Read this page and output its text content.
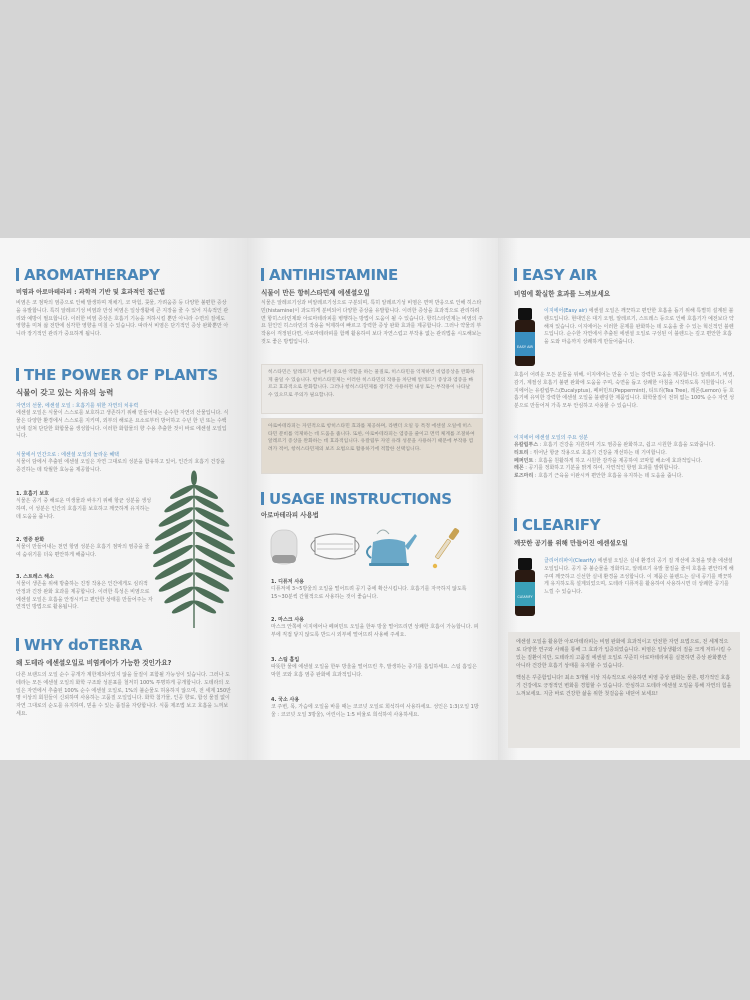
AROMATHERAPY
비염과 아로마테라피 : 과학적 기반 및 효과적인 접근법
비염은 코 점막의 염증으로 인해 발생하며 재채기, 코 막힘, 콧물, 가려움증 등 다양한 불편한 증상을 유발합니다. 특히 알레르기성 비염과 만성 비염은 일상생활에 큰 지장을 줄 수 있어 지속적인 관리와 예방이 필요합니다. 이러한 비염 증상은 호흡기 기능을 저하시킬 뿐만 아니라 수면의 질에도 영향을 미쳐 삶 전반에 심각한 영향을 미칠 수 있습니다. 따라서 비염은 단기적인 증상 완화뿐만 아니라 장기적인 관리가 중요하게 됩니다.
THE POWER OF PLANTS
식물이 갖고 있는 치유의 능력
자연의 선물, 에센셜 오일 : 호흡기를 위한 자연의 치유력
에센셜 오일은 식물이 스스로를 보호하고 생존하기 위해 만들어내는 순수한 자연의 산물입니다. 식물은 다양한 환경에서 스스로를 지키며, 외부의 해로운 요소로부터 방어하고 수년 한 년 또는 수백 년에 걸쳐 단단한 화합물을 생성합니다. 이러한 화합물의 향 수용 추출한 것이 바로 에센셜 오일입니다.
식물에서 인간으로 : 에센셜 오일의 놀라운 혜택
식물이 담에서 추출된 에센셜 오일은 자연 그대로의 성분을 함유하고 있어, 인간의 호흡기 건강을 증진하는 데 탁월한 효능을 제공합니다.
1. 호흡기 보호
식물은 공기 중 해로운 미생물과 싸우기 위해 항균 성분을 생성하며, 이 성분은 인간의 호흡기를 보호하고 깨끗하게 유지하는 데 도움을 줍니다.
2. 염증 완화
식물이 만들어내는 천연 항염 성분은 호흡기 점막의 염증을 줄여 숨쉬기를 더욱 편안하게 해줍니다.
3. 스트레스 해소
식물이 생존을 위해 방출하는 진정 작용은 인간에게도 심리적 안정과 긴장 완화 효과를 제공합니다. 이러한 특성은 비염으로 에센셜 오일은 호흡을 안정시키고 편안한 상태를 만들어주는 자연적인 방법으로 활용됩니다.
WHY doTERRA
왜 도테라 에센셜오일로 비염케어가 가능한 것인가요?
다른 브랜드의 오일 순수 공개가 계한제되어있지 않을 들질이 포함될 가능성이 있습니다. 그러나 도테라는 모든 에센셜 오일의 화학 구조와 성분표를 철저히 100% 투명하게 공개합니다. 도테라의 오일은 자연에서 추출된 100% 순수 에센셜 오일로, 1%의 불순물도 허용하지 않으며, 전 세계 150만 명 이상의 회원들이 신뢰하며 사용하는 고품질 오일입니다. 화학 첨가물, 인공 향료, 합성 물질 없이 자연 그대로의 순도를 유지하며, 믿을 수 있는 품질을 자랑합니다. 식품 제조법 보고 호흡을 느껴보세요.
ANTIHISTAMINE
식물이 만든 항히스타민제 에센셜오일
식물은 알레르기성과 비알레르기성으로 구분되며, 특히 알레르기성 비염은 면역 반응으로 인해 히스타민(histamine)이 과도하게 분비되어 다양한 증상을 유발합니다. 이러한 증상을 효과적으로 관리하려면 항히스타민제와 아로마테라피를 병행하는 방법이 도움이 될 수 있습니다. 항히스타민제는 비염의 주요 원인인 히스타민의 작용을 억제하여 빠르고 강력한 증상 완화 효과를 제공합니다. 그러나 약물의 부작용이 걱정된다면, 아로마테라피를 함께 활용하여 보다 자연스럽고 부작용 없는 관리법을 시도해보는 것도 좋은 방법입니다.
히스타민은 알레르기 반응에서 중요한 역할을 하는 물질로, 히스타민을 억제하면 비염증상을 완화하게 줄일 수 있습니다. 항히스타민제는 이러한 히스타민의 작용을 차단해 알레르기 증상과 염증을 빠르고 효과적으로 완화합니다. 그러나 항히스타민제를 장기간 사용하면 내성 또는 부작용이 나타날 수 있으므로 주의가 필요합니다.
아로마테라피는 자연적으로 항히스타민 효과를 제공하며, 라벤더 오일 등 특정 에센셜 오일에 히스타민 분비를 억제하는 데 도움을 줍니다. 또한, 아로마테라피는 염증을 줄이고 면역 체계를 조절하여 알레르기 증상을 완화하는 데 효과적입니다. 유칼립투 자연 유래 성분을 사용하기 때문에 부작용 염려가 적어, 항히스타민제의 보조 요법으로 활용하기에 적합한 선택입니다.
USAGE INSTRUCTIONS
아로마테라피 사용법
1. 디퓨저 사용
디퓨저에 3~5방울의 오일을 떨어뜨려 공기 중에 확산시킵니다. 호흡기를 자극하지 않도록 15~30분씩 간헐적으로 사용하는 것이 좋습니다.
2. 마스크 사용
마스크 안쪽에 이지에어나 페퍼민트 오일을 한두 방울 떨어뜨리면 상쾌한 호흡이 가능합니다. 피부에 직접 닿지 않도록 반드시 외부에 떨어뜨려 사용해 주세요.
3. 스팀 흡입
따뜻한 물에 에센셜 오일을 한두 방울을 떨어뜨린 후, 발생하는 증기를 흡입하세요. 스팀 흡입은 막힌 코와 호흡 염증 완화에 효과적입니다.
4. 국소 사용
코 주변, 목, 가슴에 오일을 바를 때는 코코넛 오일로 희석하여 사용하세요. 성인은 1:3(오일 1방울 : 코코넛 오일 3방울), 어린이는 1:5 비율로 희석하여 사용하세요.
EASY AIR
비염에 확실한 효과를 느껴보세요
EASY AIR
이지에어(Easy air) 에센셜 오일은 깨끗하고 편안한 호흡을 돕기 위해 특별히 설계된 블렌드입니다. 현대인은 대기 오염, 알레르기, 스트레스 등으로 인해 호흡기가 예전보다 약해져 있습니다. 이지에어는 이러한 문제를 완화하는 데 도움을 줄 수 있는 혁신적인 블렌드입니다. 순수한 자연에서 추출된 에센셜 오일로 구성된 이 블렌드는 깊고 편안한 호흡을 도와 마음까지 상쾌하게 만들어줍니다.
호흡이 어려운 모든 분들을 위해, 이지에어는 만을 수 있는 강력한 도움을 제공합니다. 알레르기, 비염, 감기, 계절성 호흡기 불편 완화에 도움을 주며, 숙면을 돕고 상쾌한 아침을 시작하도록 지원합니다. 이지에어는 유칼립투스(Eucalyptus), 페퍼민트(Peppermint), 티트리(Tea Tree), 레몬(Lemon) 등 호흡기에 유익한 강력한 에센셜 오일을 블렌딩한 제품입니다. 화학물질이 전혀 없는 100% 순수 자연 성분으로 만들어져 가족 모두 안심하고 사용할 수 있습니다.
이지에어 에센셜 오일의 주요 성분
유칼립투스 : 호흡기 건강을 지원하며 기도 염증을 완화하고, 쉽고 시원한 호흡을 도와줍니다.
티트리 : 뛰어난 항균 작용으로 호흡기 건강을 개선하는 데 기여합니다.
페퍼민트 : 호흡을 원활하게 하고 시원한 감각을 제공하여 코막힘 해소에 효과적입니다.
레몬 : 공기를 정화하고 기분을 맑게 하여, 자연적인 항염 효과를 발휘합니다.
로즈마리 : 호흡기 근육을 이완시켜 편안한 호흡을 유지하는 데 도움을 줍니다.
CLEARIFY
깨끗한 공기를 위해 만들어진 에센셜오일
CLEARIFY
클리어리파이(Clearify) 에센셜 오일은 실내 환경의 공기 질 개선에 초점을 맞춘 에센셜 오일입니다. 공기 중 불순물을 정화하고, 알레르기 유발 물질을 줄여 호흡을 편안하게 해주며 깨끗하고 신선한 실내 환경을 조성합니다. 이 제품은 블렌드는 실내 공기를 깨끗하게 유지하도록 설계되었으며, 도테라 디퓨저를 활용하여 사용하시면 더 상쾌한 공기를 느낄 수 있습니다.

에센셜 오일을 활용한 아로마테라피는 비염 완화에 효과적이고 안전한 자연 요법으로, 전 세계적으로 다양한 연구와 사례를 통해 그 효과가 입증되었습니다. 비염은 일상생활의 질을 크게 저하시킬 수 있는 질환이지만, 도테라의 고품질 에센셜 오일로 꾸준히 아로마테라피를 실천하면 증상 완화뿐만 아니라 건강한 호흡기 상태를 유지할 수 있습니다.

핵심은 꾸준함입니다! 최소 3개월 이상 지속적으로 사용하면 비염 증상 완화는 물론, 평가적인 호흡기 건강에도 긍정적인 변화를 경험할 수 있습니다. 안심하고 도테라 에센셜 오일을 통해 자연의 힘을 느껴보세요. 지금 바로 건강한 삶을 위한 첫걸음을 내딛어 보세요!
